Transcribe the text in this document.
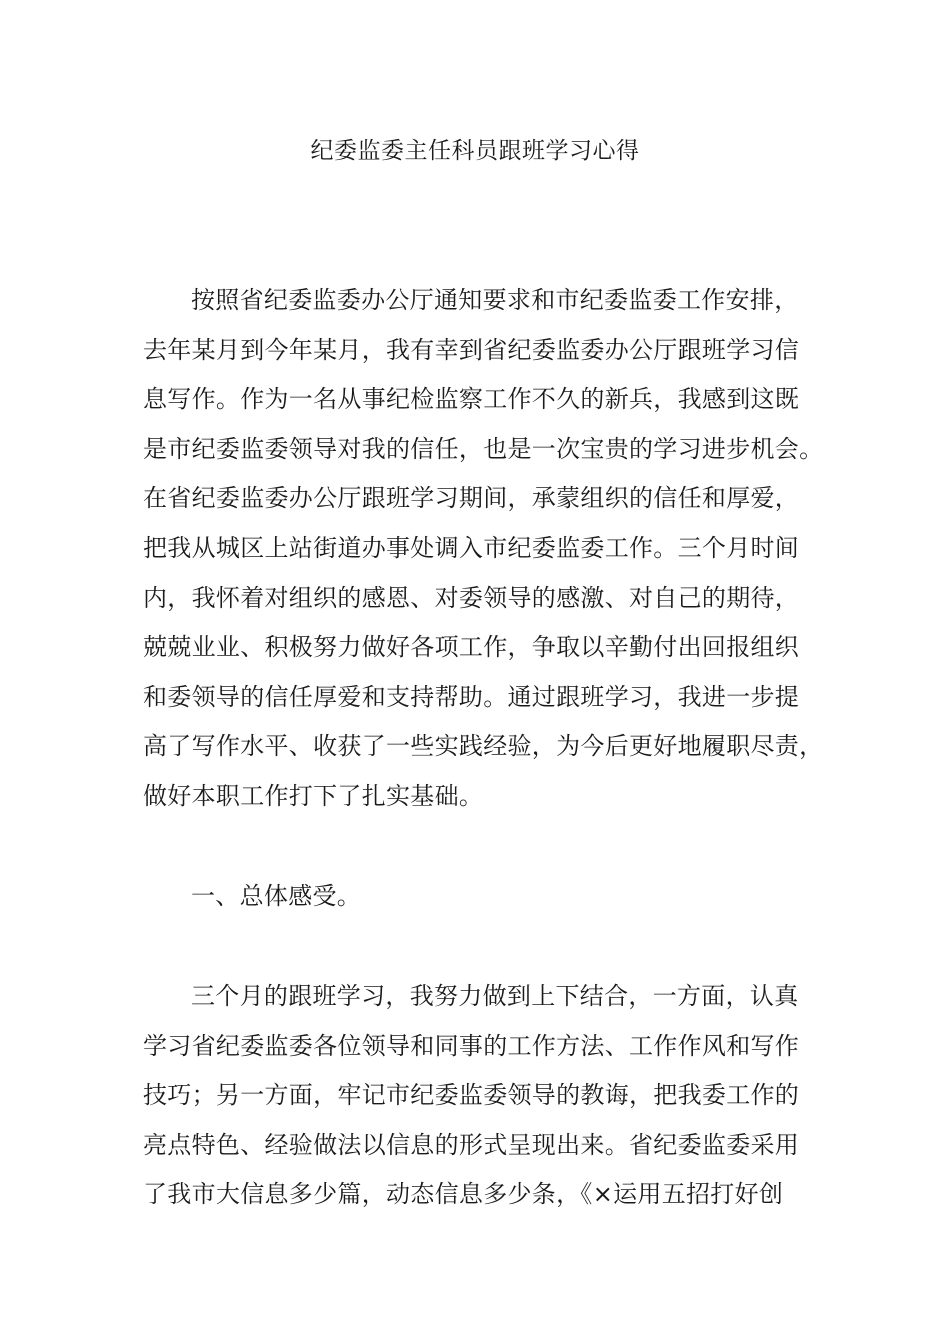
纪委监委主任科员跟班学习心得
按照省纪委监委办公厅通知要求和市纪委监委工作安排，
去年某月到今年某月，我有幸到省纪委监委办公厅跟班学习信
息写作。作为一名从事纪检监察工作不久的新兵，我感到这既
是市纪委监委领导对我的信任，也是一次宝贵的学习进步机会。
在省纪委监委办公厅跟班学习期间，承蒙组织的信任和厚爱，
把我从城区上站街道办事处调入市纪委监委工作。三个月时间
内，我怀着对组织的感恩、对委领导的感激、对自己的期待，
兢兢业业、积极努力做好各项工作，争取以辛勤付出回报组织
和委领导的信任厚爱和支持帮助。通过跟班学习，我进一步提
高了写作水平、收获了一些实践经验，为今后更好地履职尽责，
做好本职工作打下了扎实基础。
一、总体感受。
三个月的跟班学习，我努力做到上下结合，一方面，认真
学习省纪委监委各位领导和同事的工作方法、工作作风和写作
技巧；另一方面，牢记市纪委监委领导的教诲，把我委工作的
亮点特色、经验做法以信息的形式呈现出来。省纪委监委采用
了我市大信息多少篇，动态信息多少条，《×运用五招打好创
